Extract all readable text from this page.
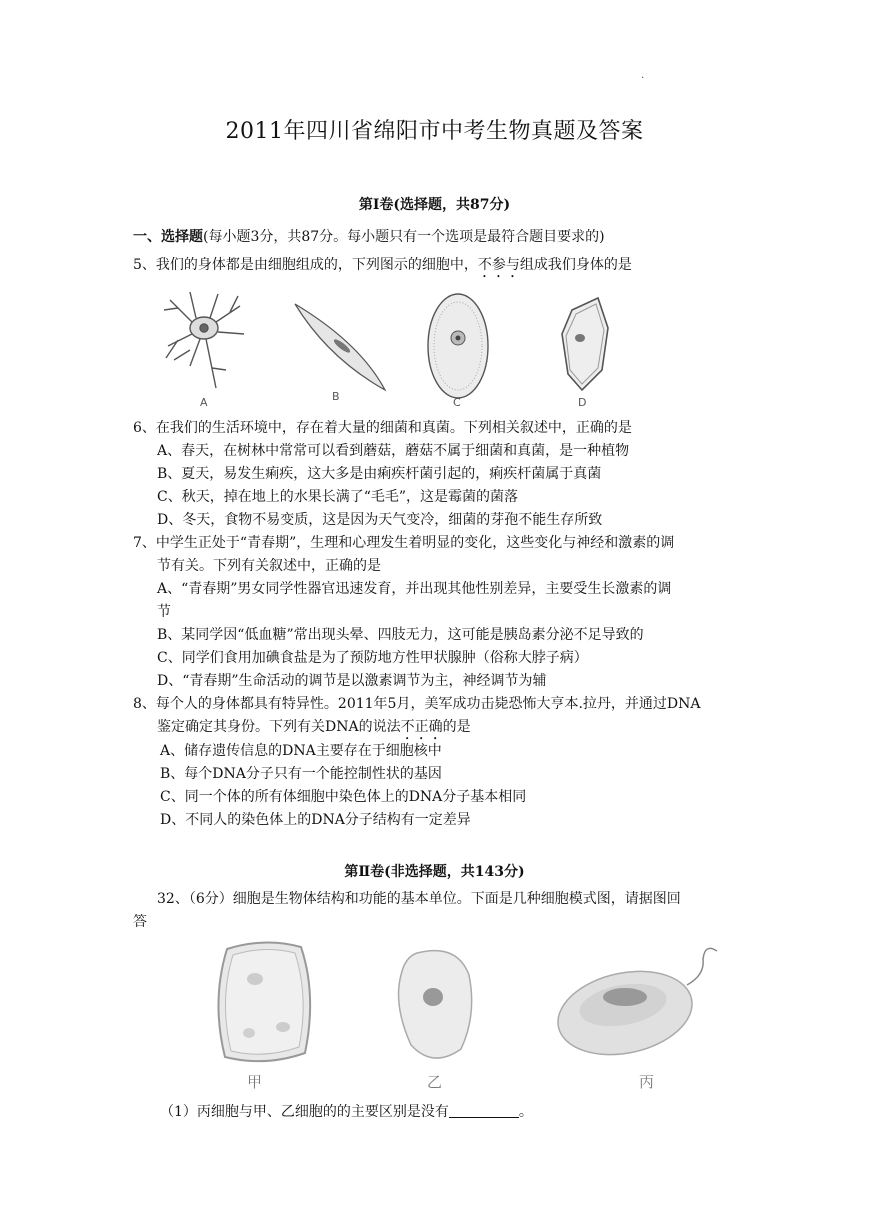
.
2011年四川省绵阳市中考生物真题及答案
第Ⅰ卷(选择题，共87分)
一、选择题(每小题3分，共87分。每小题只有一个选项是最符合题目要求的)
5、我们的身体都是由细胞组成的，下列图示的细胞中，不参与组成我们身体的是
A	B	C	D
6、在我们的生活环境中，存在着大量的细菌和真菌。下列相关叙述中，正确的是
A、春天，在树林中常常可以看到蘑菇，蘑菇不属于细菌和真菌，是一种植物
B、夏天，易发生痢疾，这大多是由痢疾杆菌引起的，痢疾杆菌属于真菌
C、秋天，掉在地上的水果长满了“毛毛”，这是霉菌的菌落
D、冬天，食物不易变质，这是因为天气变冷，细菌的芽孢不能生存所致
7、中学生正处于“青春期”，生理和心理发生着明显的变化，这些变化与神经和激素的调
节有关。下列有关叙述中，正确的是
A、“青春期”男女同学性器官迅速发育，并出现其他性别差异，主要受生长激素的调
节
B、某同学因“低血糖”常出现头晕、四肢无力，这可能是胰岛素分泌不足导致的
C、同学们食用加碘食盐是为了预防地方性甲状腺肿（俗称大脖子病）
D、“青春期”生命活动的调节是以激素调节为主，神经调节为辅
8、每个人的身体都具有特异性。2011年5月，美军成功击毙恐怖大亨本.拉丹，并通过DNA
鉴定确定其身份。下列有关DNA的说法不正确的是
A、储存遗传信息的DNA主要存在于细胞核中
B、每个DNA分子只有一个能控制性状的基因
C、同一个体的所有体细胞中染色体上的DNA分子基本相同
D、不同人的染色体上的DNA分子结构有一定差异
第Ⅱ卷(非选择题，共143分)
32、（6分）细胞是生物体结构和功能的基本单位。下面是几种细胞模式图，请据图回
答
甲	乙	丙
（1）丙细胞与甲、乙细胞的的主要区别是没有	。
